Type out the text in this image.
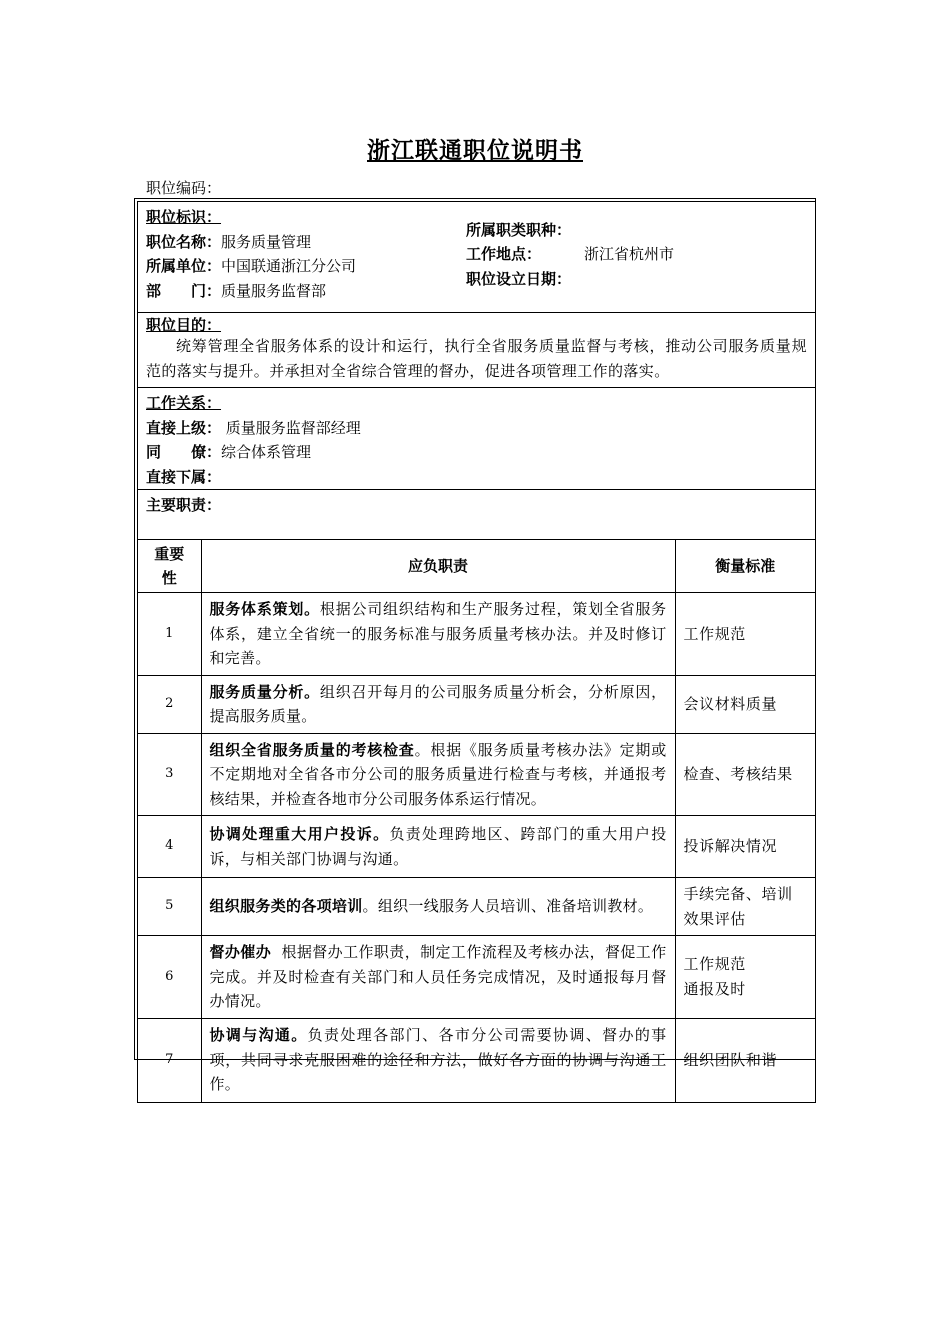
浙江联通职位说明书
职位编码：
职位标识：
职位名称：服务质量管理
所属单位：中国联通浙江分公司
部　　门：质量服务监督部
所属职类职种：
工作地点：	浙江省杭州市
职位设立日期：
职位目的：
统筹管理全省服务体系的设计和运行，执行全省服务质量监督与考核，推动公司服务质量规范的落实与提升。并承担对全省综合管理的督办，促进各项管理工作的落实。
工作关系：
直接上级： 质量服务监督部经理
同　　僚：综合体系管理
直接下属：
主要职责：
重要性	应负职责	衡量标准
1	服务体系策划。根据公司组织结构和生产服务过程，策划全省服务体系，建立全省统一的服务标准与服务质量考核办法。并及时修订和完善。	工作规范
2	服务质量分析。组织召开每月的公司服务质量分析会，分析原因，提高服务质量。	会议材料质量
3	组织全省服务质量的考核检查。根据《服务质量考核办法》定期或不定期地对全省各市分公司的服务质量进行检查与考核，并通报考核结果，并检查各地市分公司服务体系运行情况。	检查、考核结果
4	协调处理重大用户投诉。负责处理跨地区、跨部门的重大用户投诉，与相关部门协调与沟通。	投诉解决情况
5	组织服务类的各项培训。组织一线服务人员培训、准备培训教材。	手续完备、培训效果评估
6	督办催办  根据督办工作职责，制定工作流程及考核办法，督促工作完成。并及时检查有关部门和人员任务完成情况，及时通报每月督办情况。	工作规范
通报及时

7	协调与沟通。负责处理各部门、各市分公司需要协调、督办的事项，共同寻求克服困难的途径和方法，做好各方面的协调与沟通工作。	组织团队和谐
